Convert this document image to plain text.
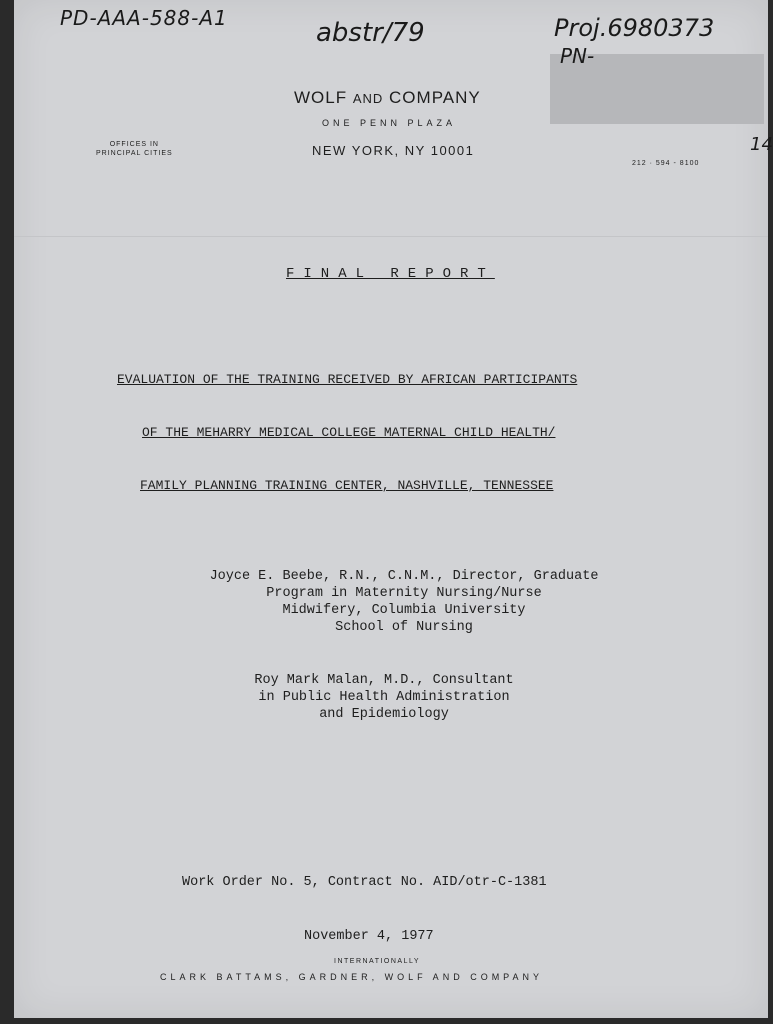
PD-AAA-588-A1	abstr/79	Proj.6980373
PN-
14
WOLF AND COMPANY
ONE PENN PLAZA
NEW YORK, NY 10001
OFFICES IN
PRINCIPAL CITIES
212 · 594 - 8100
FINAL REPORT
EVALUATION OF THE TRAINING RECEIVED BY AFRICAN PARTICIPANTS
OF THE MEHARRY MEDICAL COLLEGE MATERNAL CHILD HEALTH/
FAMILY PLANNING TRAINING CENTER, NASHVILLE, TENNESSEE
Joyce E. Beebe, R.N., C.N.M., Director, Graduate
Program in Maternity Nursing/Nurse
Midwifery, Columbia University
School of Nursing
Roy Mark Malan, M.D., Consultant
in Public Health Administration
and Epidemiology
Work Order No. 5, Contract No. AID/otr-C-1381
November 4, 1977
INTERNATIONALLY
CLARK BATTAMS, GARDNER, WOLF AND COMPANY
